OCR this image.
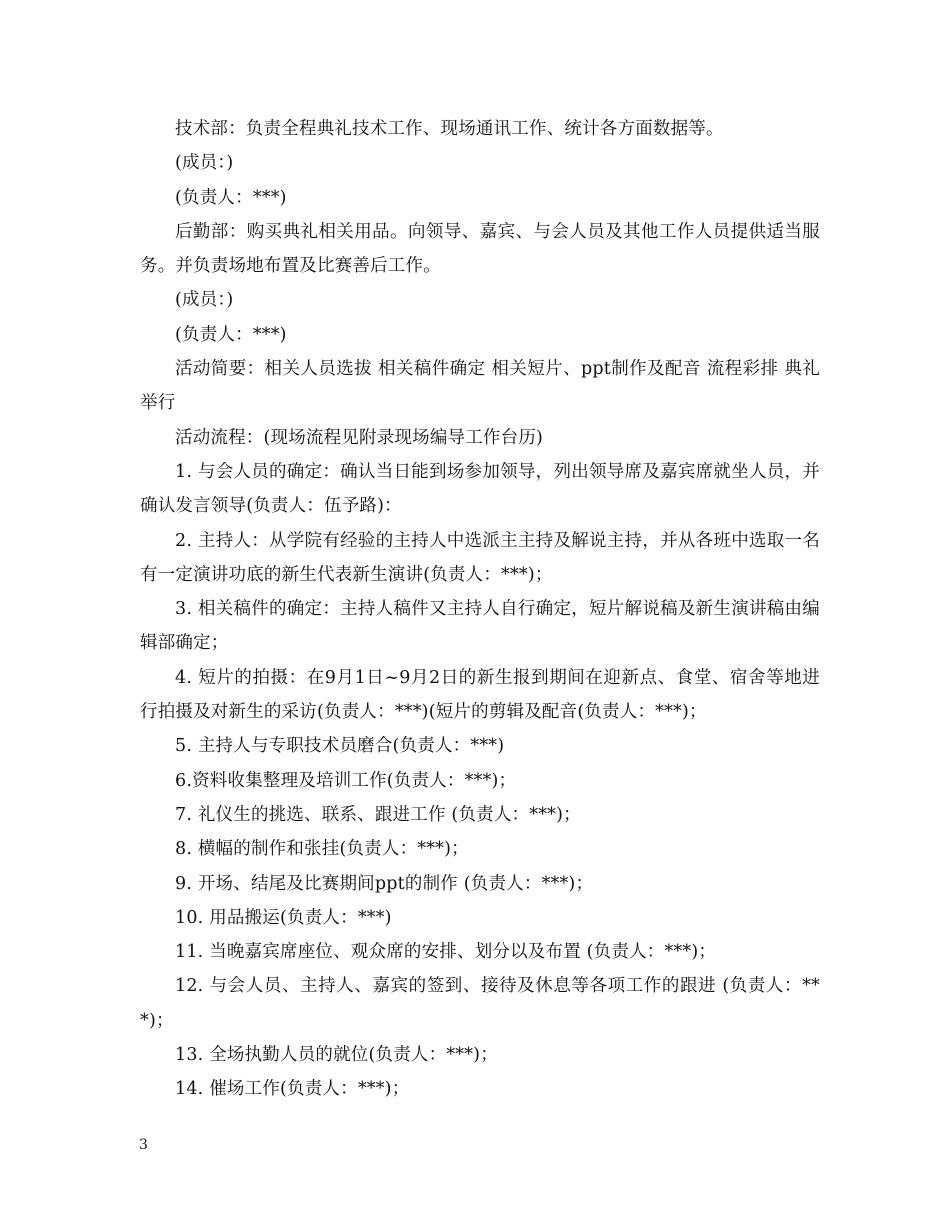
技术部：负责全程典礼技术工作、现场通讯工作、统计各方面数据等。

(成员：)

(负责人：***)

后勤部：购买典礼相关用品。向领导、嘉宾、与会人员及其他工作人员提供适当服务。并负责场地布置及比赛善后工作。

(成员：)

(负责人：***)

活动简要：相关人员选拔 相关稿件确定 相关短片、ppt制作及配音 流程彩排 典礼举行

活动流程：(现场流程见附录现场编导工作台历)

1. 与会人员的确定：确认当日能到场参加领导，列出领导席及嘉宾席就坐人员，并确认发言领导(负责人：伍予路)：

2. 主持人：从学院有经验的主持人中选派主主持及解说主持，并从各班中选取一名有一定演讲功底的新生代表新生演讲(负责人：***)；

3. 相关稿件的确定：主持人稿件又主持人自行确定，短片解说稿及新生演讲稿由编辑部确定；

4. 短片的拍摄：在9月1日~9月2日的新生报到期间在迎新点、食堂、宿舍等地进行拍摄及对新生的采访(负责人：***)(短片的剪辑及配音(负责人：***)；

5. 主持人与专职技术员磨合(负责人：***)

6.资料收集整理及培训工作(负责人：***)；

7. 礼仪生的挑选、联系、跟进工作 (负责人：***)；

8. 横幅的制作和张挂(负责人：***)；

9. 开场、结尾及比赛期间ppt的制作 (负责人：***)；

10. 用品搬运(负责人：***)

11. 当晚嘉宾席座位、观众席的安排、划分以及布置 (负责人：***)；

12. 与会人员、主持人、嘉宾的签到、接待及休息等各项工作的跟进 (负责人：***)；

13. 全场执勤人员的就位(负责人：***)；

14. 催场工作(负责人：***)；

3
